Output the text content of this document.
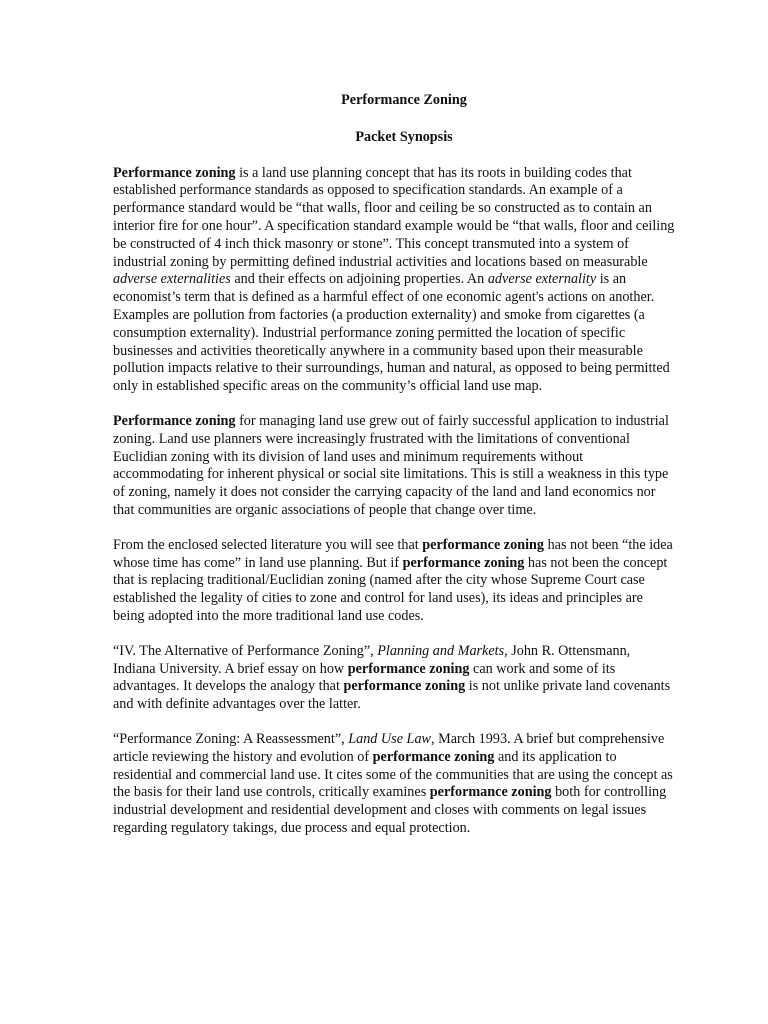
Performance Zoning
Packet Synopsis

Performance zoning is a land use planning concept that has its roots in building codes that established performance standards as opposed to specification standards. An example of a performance standard would be “that walls, floor and ceiling be so constructed as to contain an interior fire for one hour”. A specification standard example would be “that walls, floor and ceiling be constructed of 4 inch thick masonry or stone”. This concept transmuted into a system of industrial zoning by permitting defined industrial activities and locations based on measurable adverse externalities and their effects on adjoining properties. An adverse externality is an economist’s term that is defined as a harmful effect of one economic agent's actions on another. Examples are pollution from factories (a production externality) and smoke from cigarettes (a consumption externality). Industrial performance zoning permitted the location of specific businesses and activities theoretically anywhere in a community based upon their measurable pollution impacts relative to their surroundings, human and natural, as opposed to being permitted only in established specific areas on the community’s official land use map.

Performance zoning for managing land use grew out of fairly successful application to industrial zoning. Land use planners were increasingly frustrated with the limitations of conventional Euclidian zoning with its division of land uses and minimum requirements without accommodating for inherent physical or social site limitations. This is still a weakness in this type of zoning, namely it does not consider the carrying capacity of the land and land economics nor that communities are organic associations of people that change over time.

From the enclosed selected literature you will see that performance zoning has not been “the idea whose time has come” in land use planning. But if performance zoning has not been the concept that is replacing traditional/Euclidian zoning (named after the city whose Supreme Court case established the legality of cities to zone and control for land uses), its ideas and principles are being adopted into the more traditional land use codes.

“IV. The Alternative of Performance Zoning”, Planning and Markets, John R. Ottensmann, Indiana University. A brief essay on how performance zoning can work and some of its advantages. It develops the analogy that performance zoning is not unlike private land covenants and with definite advantages over the latter.

“Performance Zoning: A Reassessment”, Land Use Law, March 1993. A brief but comprehensive article reviewing the history and evolution of performance zoning and its application to residential and commercial land use. It cites some of the communities that are using the concept as the basis for their land use controls, critically examines performance zoning both for controlling industrial development and residential development and closes with comments on legal issues regarding regulatory takings, due process and equal protection.
